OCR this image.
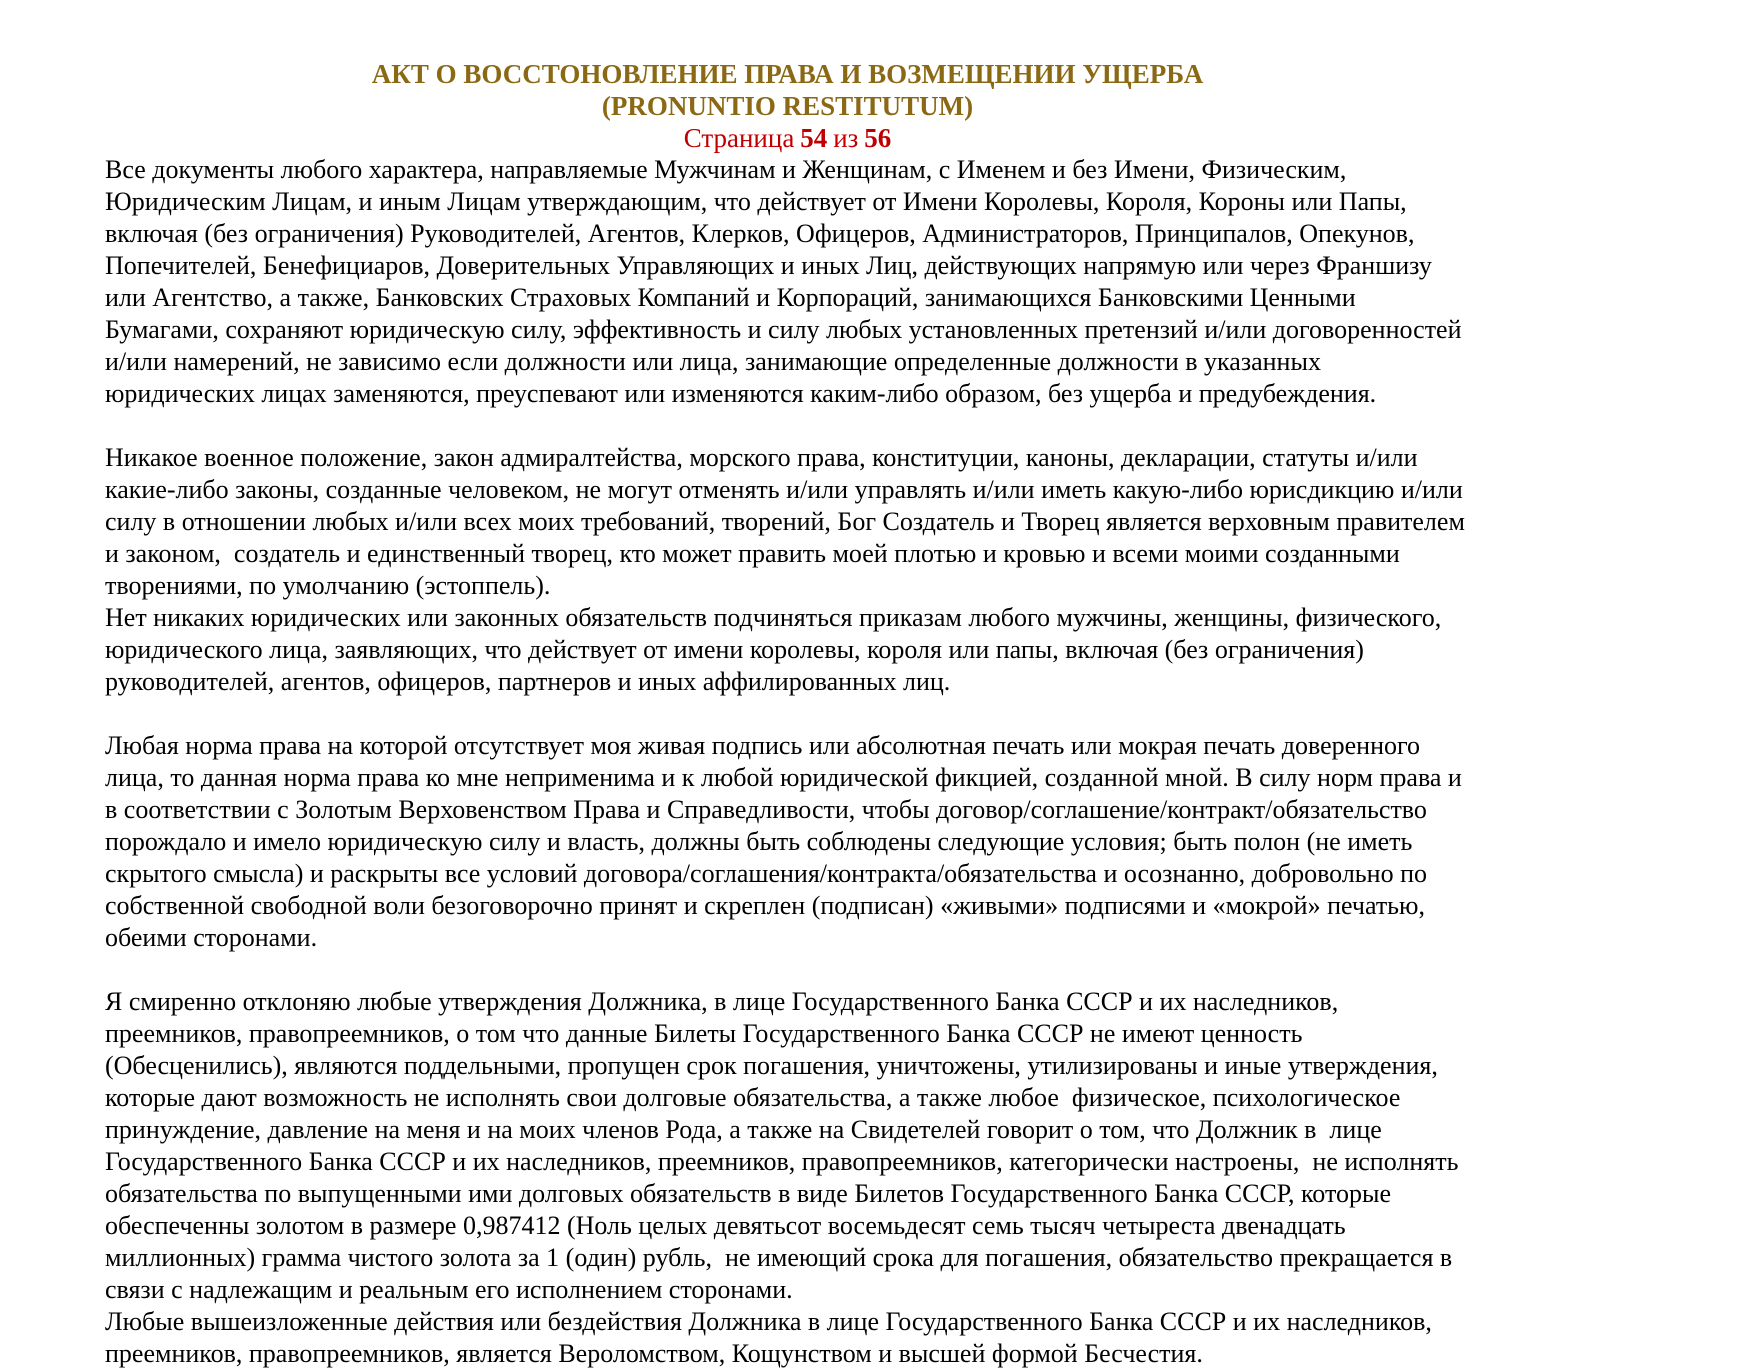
АКТ О ВОССТОНОВЛЕНИЕ ПРАВА И ВОЗМЕЩЕНИИ УЩЕРБА
(PRONUNTIO RESTITUTUM)
Страница 54 из 56

Все документы любого характера, направляемые Мужчинам и Женщинам, с Именем и без Имени, Физическим, Юридическим Лицам, и иным Лицам утверждающим, что действует от Имени Королевы, Короля, Короны или Папы, включая (без ограничения) Руководителей, Агентов, Клерков, Офицеров, Администраторов, Принципалов, Опекунов, Попечителей, Бенефициаров, Доверительных Управляющих и иных Лиц, действующих напрямую или через Франшизу или Агентство, а также, Банковских Страховых Компаний и Корпораций, занимающихся Банковскими Ценными Бумагами, сохраняют юридическую силу, эффективность и силу любых установленных претензий и/или договоренностей и/или намерений, не зависимо если должности или лица, занимающие определенные должности в указанных юридических лицах заменяются, преуспевают или изменяются каким-либо образом, без ущерба и предубеждения.

Никакое военное положение, закон адмиралтейства, морского права, конституции, каноны, декларации, статуты и/или какие-либо законы, созданные человеком, не могут отменять и/или управлять и/или иметь какую-либо юрисдикцию и/или силу в отношении любых и/или всех моих требований, творений, Бог Создатель и Творец является верховным правителем и законом,  создатель и единственный творец, кто может править моей плотью и кровью и всеми моими созданными творениями, по умолчанию (эстоппель).
Нет никаких юридических или законных обязательств подчиняться приказам любого мужчины, женщины, физического, юридического лица, заявляющих, что действует от имени королевы, короля или папы, включая (без ограничения) руководителей, агентов, офицеров, партнеров и иных аффилированных лиц.

Любая норма права на которой отсутствует моя живая подпись или абсолютная печать или мокрая печать доверенного лица, то данная норма права ко мне неприменима и к любой юридической фикцией, созданной мной. В силу норм права и в соответствии с Золотым Верховенством Права и Справедливости, чтобы договор/соглашение/контракт/обязательство порождало и имело юридическую силу и власть, должны быть соблюдены следующие условия; быть полон (не иметь скрытого смысла) и раскрыты все условий договора/соглашения/контракта/обязательства и осознанно, добровольно по собственной свободной воли безоговорочно принят и скреплен (подписан) «живыми» подписями и «мокрой» печатью, обеими сторонами.

Я смиренно отклоняю любые утверждения Должника, в лице Государственного Банка СССР и их наследников, преемников, правопреемников, о том что данные Билеты Государственного Банка СССР не имеют ценность (Обесценились), являются поддельными, пропущен срок погашения, уничтожены, утилизированы и иные утверждения, которые дают возможность не исполнять свои долговые обязательства, а также любое  физическое, психологическое принуждение, давление на меня и на моих членов Рода, а также на Свидетелей говорит о том, что Должник в  лице Государственного Банка СССР и их наследников, преемников, правопреемников, категорически настроены,  не исполнять обязательства по выпущенными ими долговых обязательств в виде Билетов Государственного Банка СССР, которые обеспеченны золотом в размере 0,987412 (Ноль целых девятьсот восемьдесят семь тысяч четыреста двенадцать миллионных) грамма чистого золота за 1 (один) рубль,  не имеющий срока для погашения, обязательство прекращается в связи с надлежащим и реальным его исполнением сторонами.
Любые вышеизложенные действия или бездействия Должника в лице Государственного Банка СССР и их наследников, преемников, правопреемников, является Вероломством, Кощунством и высшей формой Бесчестия.
